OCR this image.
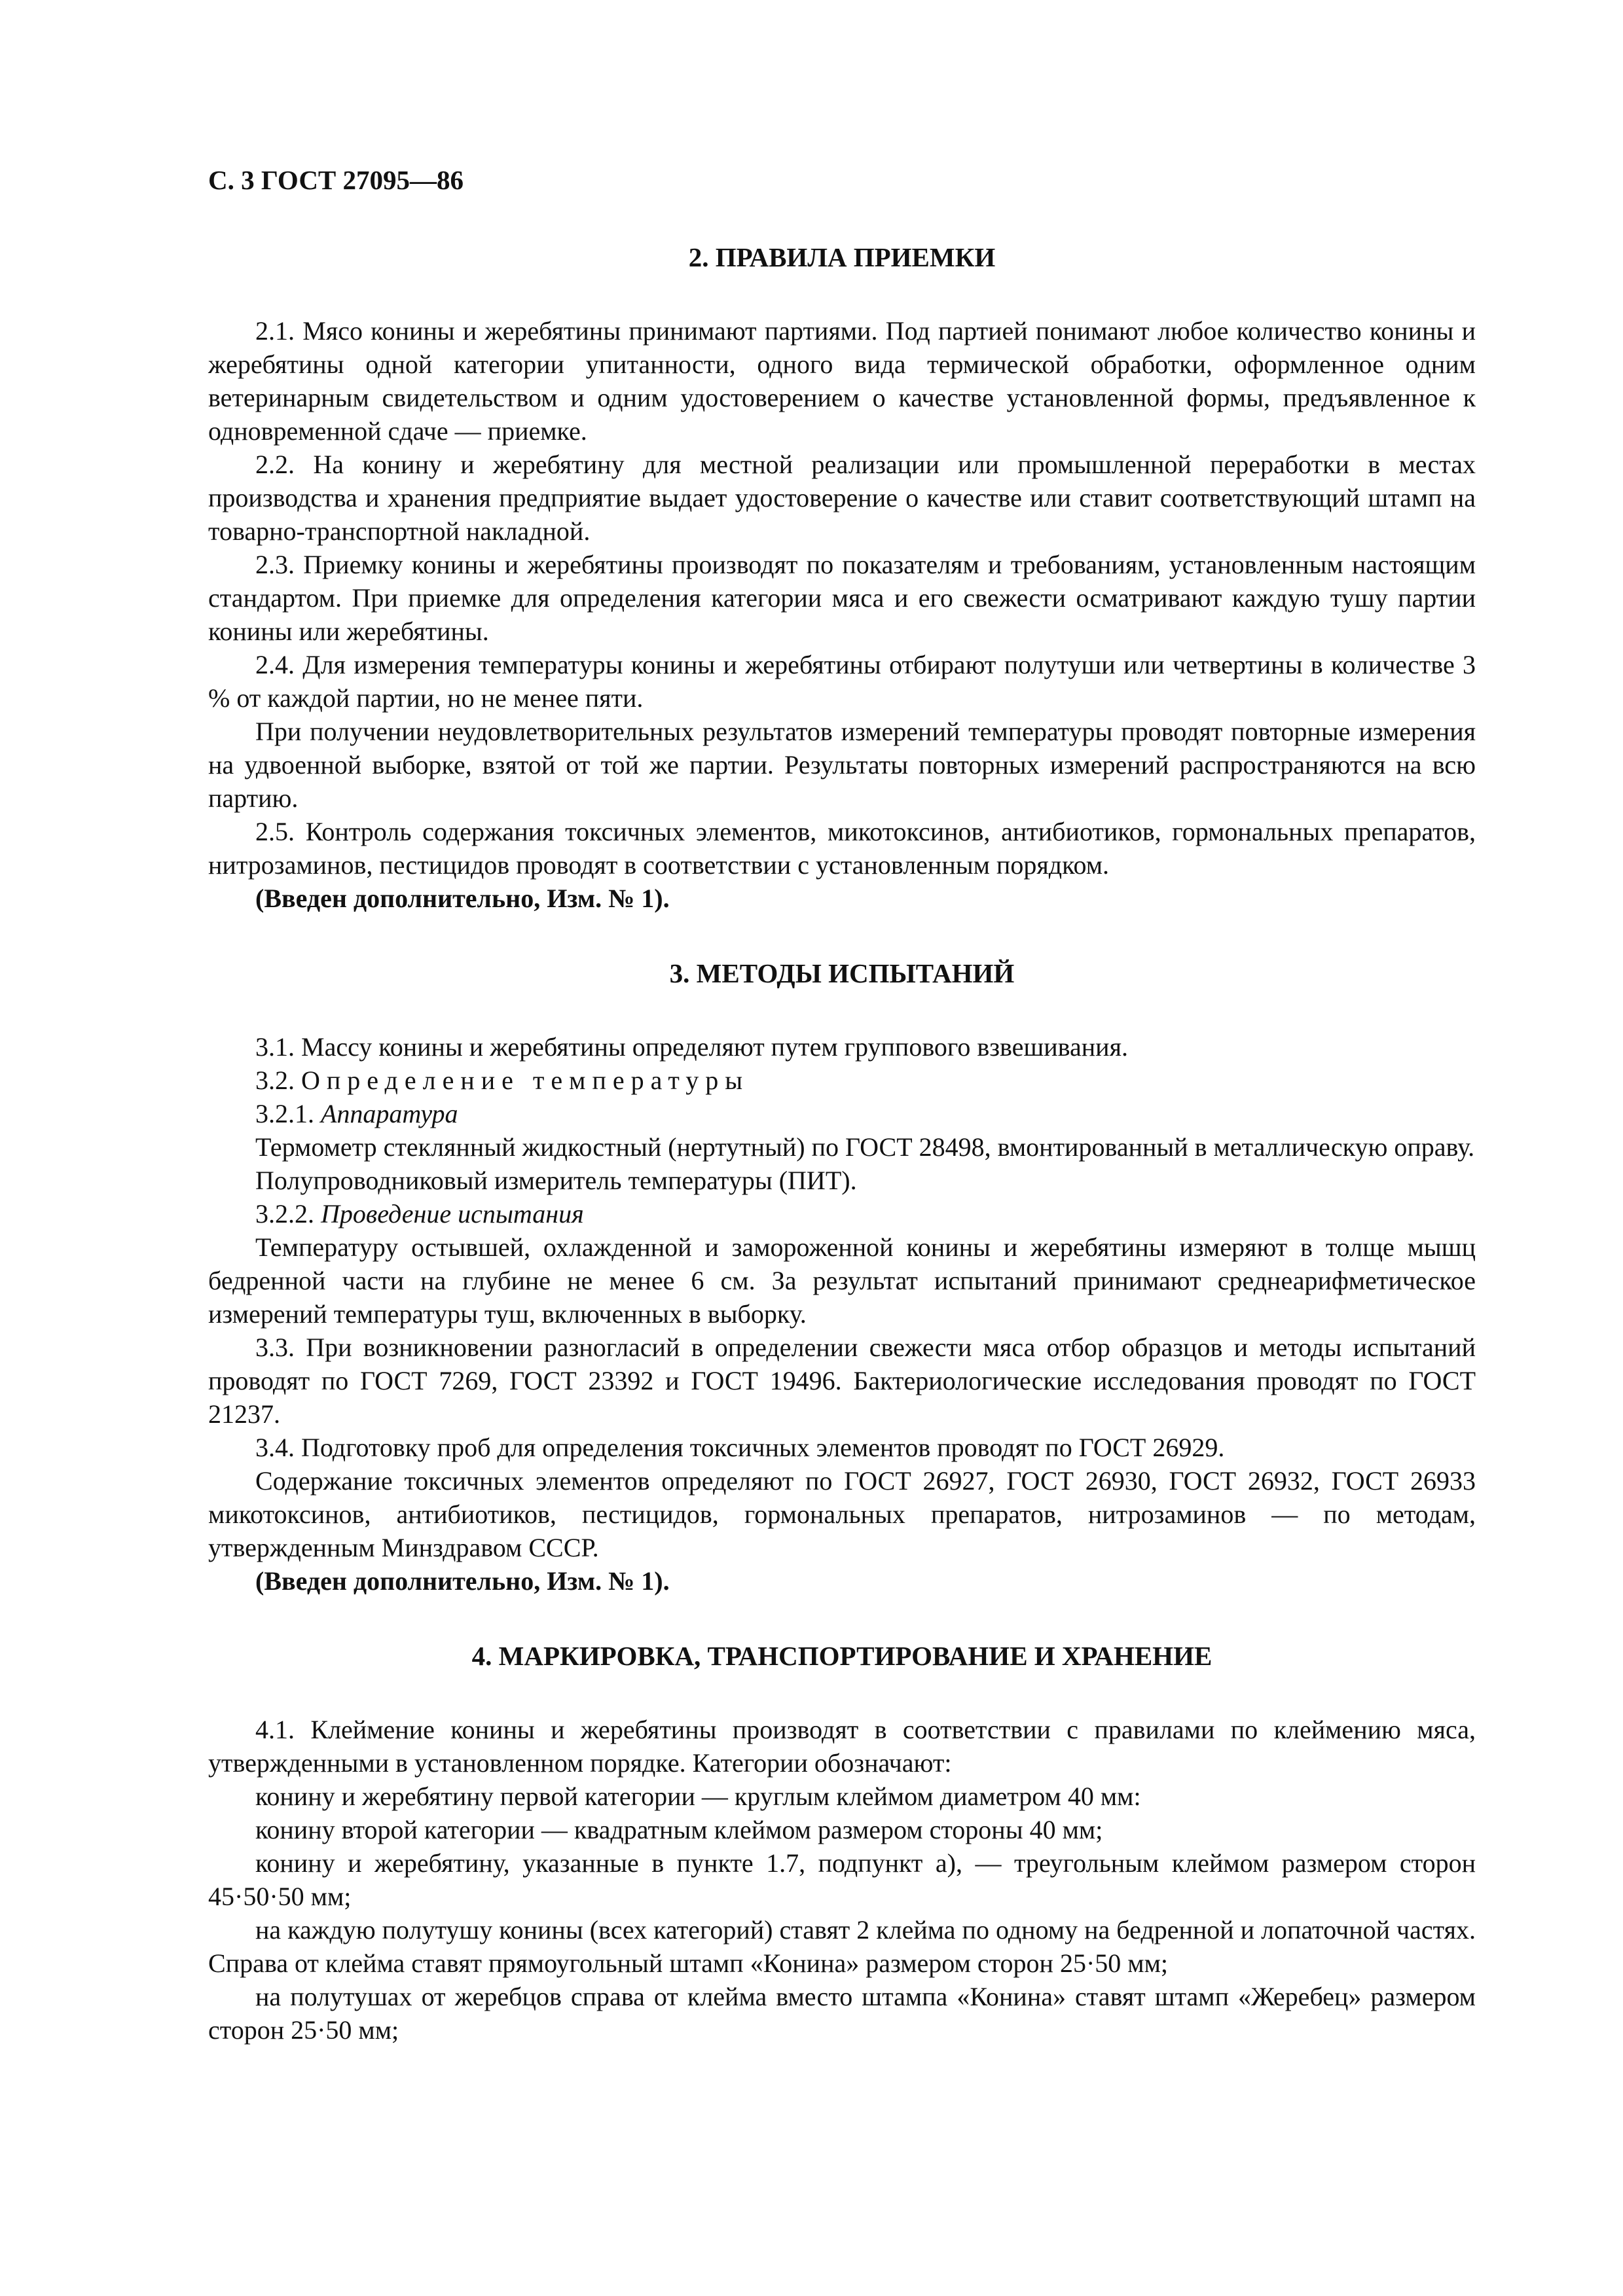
С. 3 ГОСТ 27095—86
2. ПРАВИЛА ПРИЕМКИ

2.1. Мясо конины и жеребятины принимают партиями. Под партией понимают любое количество конины и жеребятины одной категории упитанности, одного вида термической обработки, оформленное одним ветеринарным свидетельством и одним удостоверением о качестве установленной формы, предъявленное к одновременной сдаче — приемке.

2.2. На конину и жеребятину для местной реализации или промышленной переработки в местах производства и хранения предприятие выдает удостоверение о качестве или ставит соответствующий штамп на товарно-транспортной накладной.

2.3. Приемку конины и жеребятины производят по показателям и требованиям, установленным настоящим стандартом. При приемке для определения категории мяса и его свежести осматривают каждую тушу партии конины или жеребятины.

2.4. Для измерения температуры конины и жеребятины отбирают полутуши или четвертины в количестве 3 % от каждой партии, но не менее пяти.

При получении неудовлетворительных результатов измерений температуры проводят повторные измерения на удвоенной выборке, взятой от той же партии. Результаты повторных измерений распространяются на всю партию.

2.5. Контроль содержания токсичных элементов, микотоксинов, антибиотиков, гормональных препаратов, нитрозаминов, пестицидов проводят в соответствии с установленным порядком.

(Введен дополнительно, Изм. № 1).

3. МЕТОДЫ ИСПЫТАНИЙ

3.1. Массу конины и жеребятины определяют путем группового взвешивания.

3.2. Определение температуры

3.2.1. Аппаратура

Термометр стеклянный жидкостный (нертутный) по ГОСТ 28498, вмонтированный в металлическую оправу.

Полупроводниковый измеритель температуры (ПИТ).

3.2.2. Проведение испытания

Температуру остывшей, охлажденной и замороженной конины и жеребятины измеряют в толще мышц бедренной части на глубине не менее 6 см. За результат испытаний принимают среднеарифметическое измерений температуры туш, включенных в выборку.

3.3. При возникновении разногласий в определении свежести мяса отбор образцов и методы испытаний проводят по ГОСТ 7269, ГОСТ 23392 и ГОСТ 19496. Бактериологические исследования проводят по ГОСТ 21237.

3.4. Подготовку проб для определения токсичных элементов проводят по ГОСТ 26929.

Содержание токсичных элементов определяют по ГОСТ 26927, ГОСТ 26930, ГОСТ 26932, ГОСТ 26933 микотоксинов, антибиотиков, пестицидов, гормональных препаратов, нитрозаминов — по методам, утвержденным Минздравом СССР.

(Введен дополнительно, Изм. № 1).

4. МАРКИРОВКА, ТРАНСПОРТИРОВАНИЕ И ХРАНЕНИЕ

4.1. Клеймение конины и жеребятины производят в соответствии с правилами по клеймению мяса, утвержденными в установленном порядке. Категории обозначают:

конину и жеребятину первой категории — круглым клеймом диаметром 40 мм:

конину второй категории — квадратным клеймом размером стороны 40 мм;

конину и жеребятину, указанные в пункте 1.7, подпункт а), — треугольным клеймом размером сторон 45·50·50 мм;

на каждую полутушу конины (всех категорий) ставят 2 клейма по одному на бедренной и лопаточной частях. Справа от клейма ставят прямоугольный штамп «Конина» размером сторон 25·50 мм;

на полутушах от жеребцов справа от клейма вместо штампа «Конина» ставят штамп «Жеребец» размером сторон 25·50 мм;
